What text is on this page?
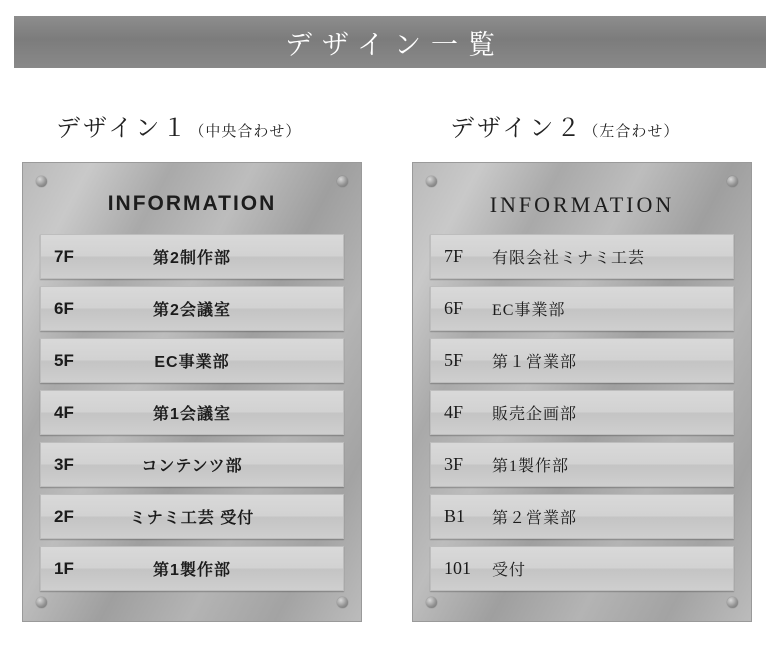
デザイン一覧
デザイン１ （中央合わせ）	デザイン２ （左合わせ）
INFORMATION
7F	第2制作部
6F	第2会議室
5F	EC事業部
4F	第1会議室
3F	コンテンツ部
2F	ミナミ工芸 受付
1F	第1製作部
INFORMATION
7F	有限会社ミナミ工芸
6F	EC事業部
5F	第１営業部
4F	販売企画部
3F	第1製作部
B1	第２営業部
101	受付
